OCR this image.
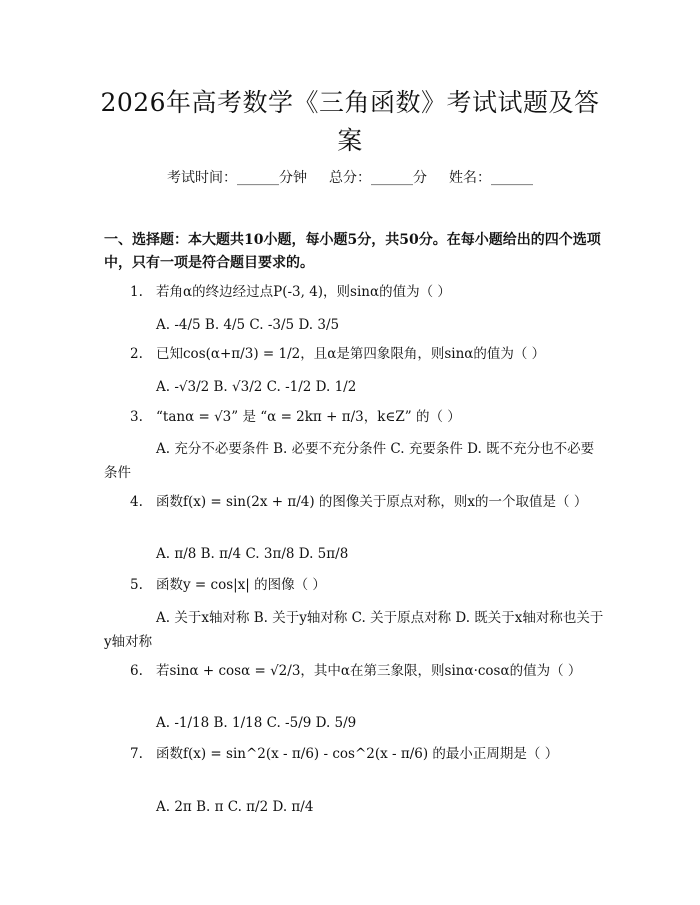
2026年高考数学《三角函数》考试试题及答案
考试时间：______分钟 总分：______分 姓名：______

一、选择题：本大题共10小题，每小题5分，共50分。在每小题给出的四个选项中，只有一项是符合题目要求的。

1. 若角α的终边经过点P(-3, 4)，则sinα的值为（ ）

A. -4/5 B. 4/5 C. -3/5 D. 3/5

2. 已知cos(α+π/3) = 1/2，且α是第四象限角，则sinα的值为（ ）

A. -√3/2 B. √3/2 C. -1/2 D. 1/2

3. “tanα = √3” 是 “α = 2kπ + π/3，k∈Z” 的（ ）

A. 充分不必要条件 B. 必要不充分条件 C. 充要条件 D. 既不充分也不必要条件

4. 函数f(x) = sin(2x + π/4) 的图像关于原点对称，则x的一个取值是（ ）

A. π/8 B. π/4 C. 3π/8 D. 5π/8

5. 函数y = cos|x| 的图像（ ）

A. 关于x轴对称 B. 关于y轴对称 C. 关于原点对称 D. 既关于x轴对称也关于y轴对称

6. 若sinα + cosα = √2/3，其中α在第三象限，则sinα·cosα的值为（ ）

A. -1/18 B. 1/18 C. -5/9 D. 5/9

7. 函数f(x) = sin^2(x - π/6) - cos^2(x - π/6) 的最小正周期是（ ）

A. 2π B. π C. π/2 D. π/4
